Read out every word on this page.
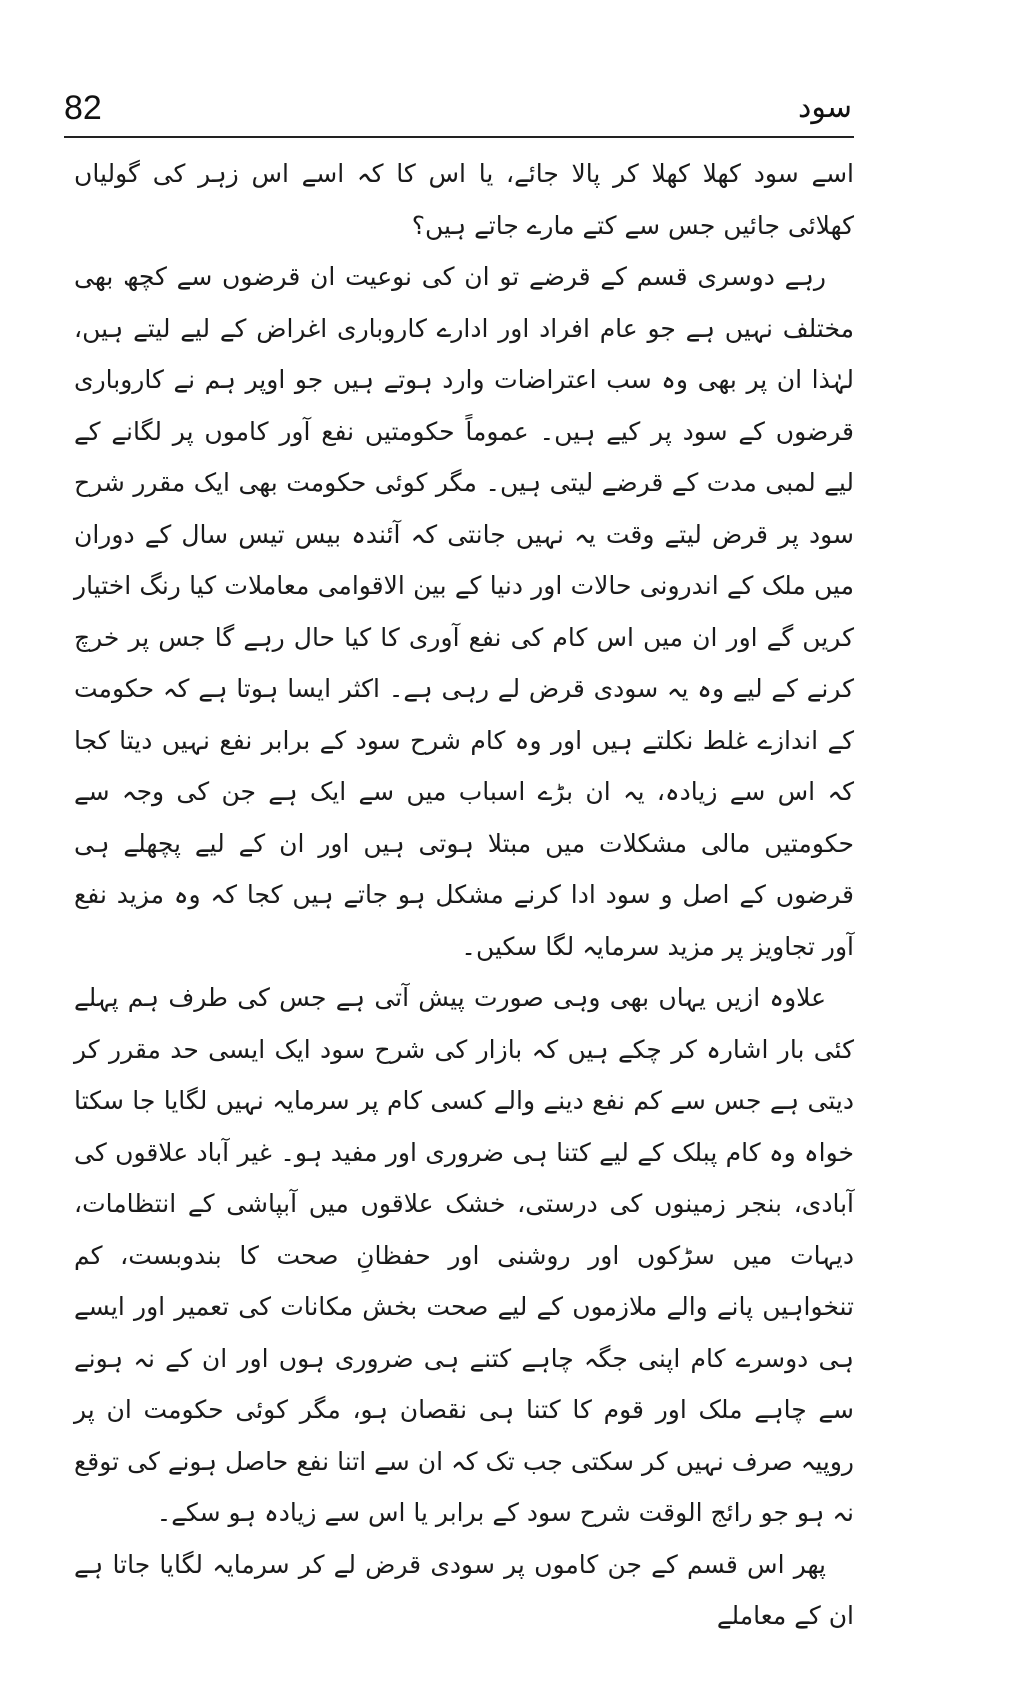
82	سود

اسے سود کھلا کھلا کر پالا جائے، یا اس کا کہ اسے اس زہر کی گولیاں کھلائی جائیں جس سے کتے مارے جاتے ہیں؟

رہے دوسری قسم کے قرضے تو ان کی نوعیت ان قرضوں سے کچھ بھی مختلف نہیں ہے جو عام افراد اور ادارے کاروباری اغراض کے لیے لیتے ہیں، لہٰذا ان پر بھی وہ سب اعتراضات وارد ہوتے ہیں جو اوپر ہم نے کاروباری قرضوں کے سود پر کیے ہیں۔ عموماً حکومتیں نفع آور کاموں پر لگانے کے لیے لمبی مدت کے قرضے لیتی ہیں۔ مگر کوئی حکومت بھی ایک مقرر شرح سود پر قرض لیتے وقت یہ نہیں جانتی کہ آئندہ بیس تیس سال کے دوران میں ملک کے اندرونی حالات اور دنیا کے بین الاقوامی معاملات کیا رنگ اختیار کریں گے اور ان میں اس کام کی نفع آوری کا کیا حال رہے گا جس پر خرچ کرنے کے لیے وہ یہ سودی قرض لے رہی ہے۔ اکثر ایسا ہوتا ہے کہ حکومت کے اندازے غلط نکلتے ہیں اور وہ کام شرح سود کے برابر نفع نہیں دیتا کجا کہ اس سے زیادہ، یہ ان بڑے اسباب میں سے ایک ہے جن کی وجہ سے حکومتیں مالی مشکلات میں مبتلا ہوتی ہیں اور ان کے لیے پچھلے ہی قرضوں کے اصل و سود ادا کرنے مشکل ہو جاتے ہیں کجا کہ وہ مزید نفع آور تجاویز پر مزید سرمایہ لگا سکیں۔

علاوہ ازیں یہاں بھی وہی صورت پیش آتی ہے جس کی طرف ہم پہلے کئی بار اشارہ کر چکے ہیں کہ بازار کی شرح سود ایک ایسی حد مقرر کر دیتی ہے جس سے کم نفع دینے والے کسی کام پر سرمایہ نہیں لگایا جا سکتا خواہ وہ کام پبلک کے لیے کتنا ہی ضروری اور مفید ہو۔ غیر آباد علاقوں کی آبادی، بنجر زمینوں کی درستی، خشک علاقوں میں آبپاشی کے انتظامات، دیہات میں سڑکوں اور روشنی اور حفظانِ صحت کا بندوبست، کم تنخواہیں پانے والے ملازموں کے لیے صحت بخش مکانات کی تعمیر اور ایسے ہی دوسرے کام اپنی جگہ چاہے کتنے ہی ضروری ہوں اور ان کے نہ ہونے سے چاہے ملک اور قوم کا کتنا ہی نقصان ہو، مگر کوئی حکومت ان پر روپیہ صرف نہیں کر سکتی جب تک کہ ان سے اتنا نفع حاصل ہونے کی توقع نہ ہو جو رائج الوقت شرح سود کے برابر یا اس سے زیادہ ہو سکے۔

پھر اس قسم کے جن کاموں پر سودی قرض لے کر سرمایہ لگایا جاتا ہے ان کے معاملے
